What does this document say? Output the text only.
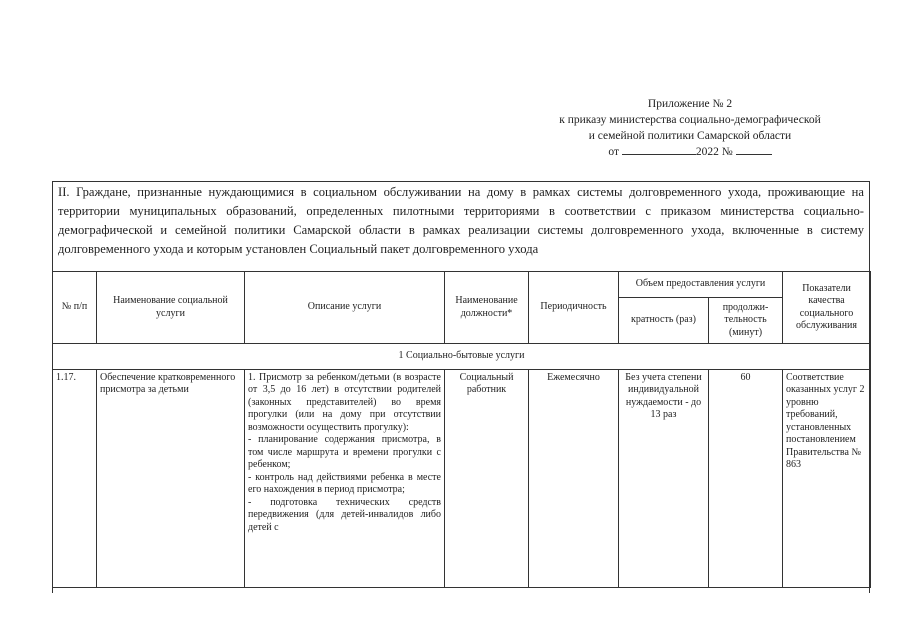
Приложение № 2
к приказу министерства социально-демографической
и семейной политики Самарской области
от	2022 №
II. Граждане, признанные нуждающимися в социальном обслуживании на дому в рамках системы долговременного ухода, проживающие на территории муниципальных образований, определенных пилотными территориями в соответствии с приказом министерства социально-демографической и семейной политики Самарской области в рамках реализации системы долговременного ухода, включенные в систему долговременного ухода и которым установлен Социальный пакет долговременного ухода
№ п/п	Наименование социальной услуги	Описание услуги	Наименование должности*	Периодичность	Объем предоставления услуги		Показатели качества социального обслуживания
					кратность (раз)	продолжи-тельность (минут)	
1 Социально-бытовые услуги							
1.17.	Обеспечение кратковременного присмотра за детьми	1. Присмотр за ребенком/детьми (в возрасте от 3,5 до 16 лет) в отсутствии родителей (законных представителей) во время прогулки (или на дому при отсутствии возможности осуществить прогулку):
- планирование содержания присмотра, в том числе маршрута и времени прогулки с ребенком;
- контроль над действиями ребенка в месте его нахождения в период присмотра;
- подготовка технических средств передвижения (для детей-инвалидов либо детей с	Социальный работник	Ежемесячно	Без учета степени индивидуальной нуждаемости - до 13 раз	60	Соответствие оказанных услуг 2 уровню требований, установленных постановлением Правительства № 863
